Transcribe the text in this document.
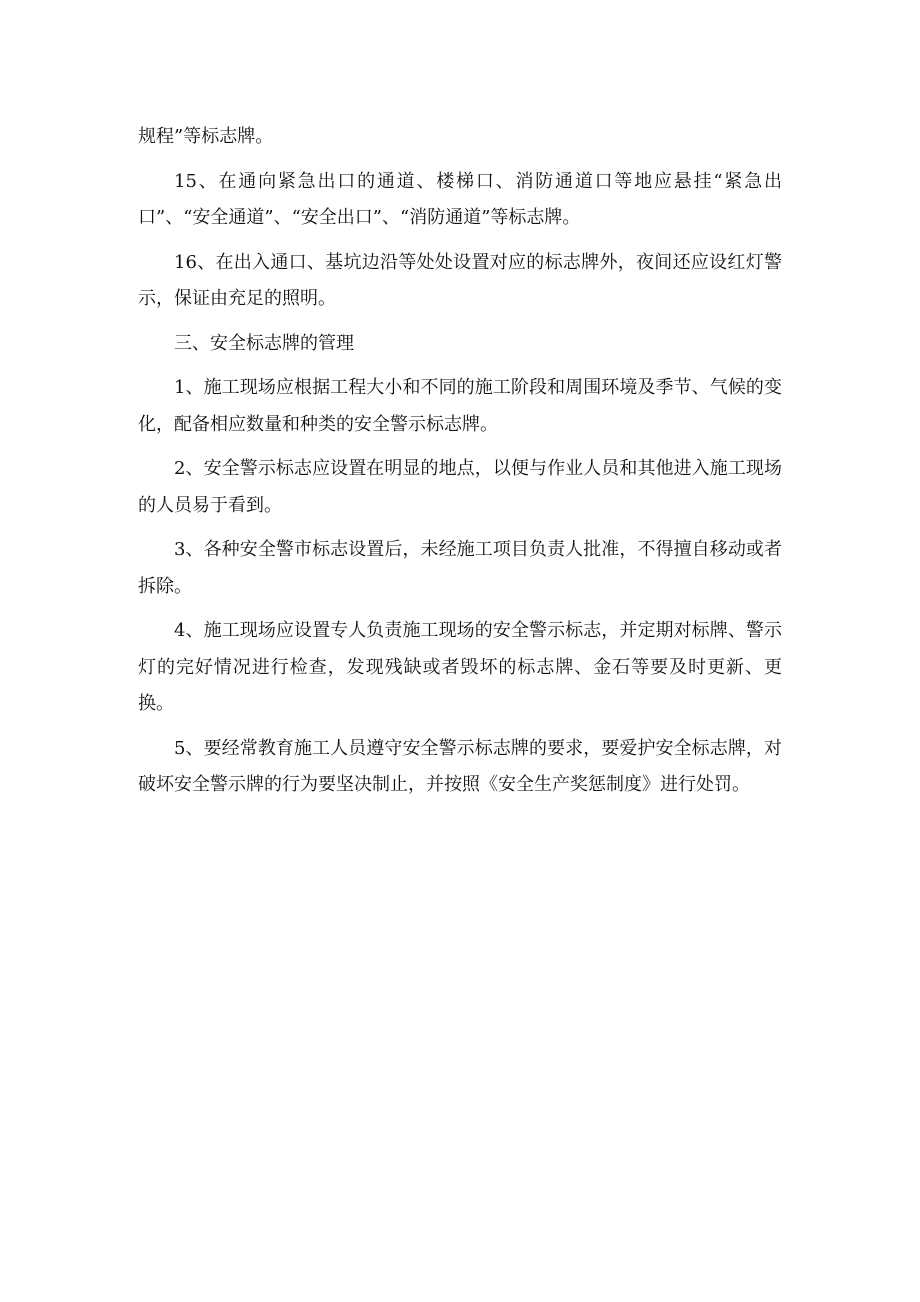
规程”等标志牌。

15、在通向紧急出口的通道、楼梯口、消防通道口等地应悬挂“紧急出口”、“安全通道”、“安全出口”、“消防通道”等标志牌。

16、在出入通口、基坑边沿等处处设置对应的标志牌外，夜间还应设红灯警示，保证由充足的照明。

三、安全标志牌的管理

1、施工现场应根据工程大小和不同的施工阶段和周围环境及季节、气候的变化，配备相应数量和种类的安全警示标志牌。

2、安全警示标志应设置在明显的地点，以便与作业人员和其他进入施工现场的人员易于看到。

3、各种安全警市标志设置后，未经施工项目负责人批准，不得擅自移动或者拆除。

4、施工现场应设置专人负责施工现场的安全警示标志，并定期对标牌、警示灯的完好情况进行检查，发现残缺或者毁坏的标志牌、金石等要及时更新、更换。

5、要经常教育施工人员遵守安全警示标志牌的要求，要爱护安全标志牌，对破坏安全警示牌的行为要坚决制止，并按照《安全生产奖惩制度》进行处罚。
